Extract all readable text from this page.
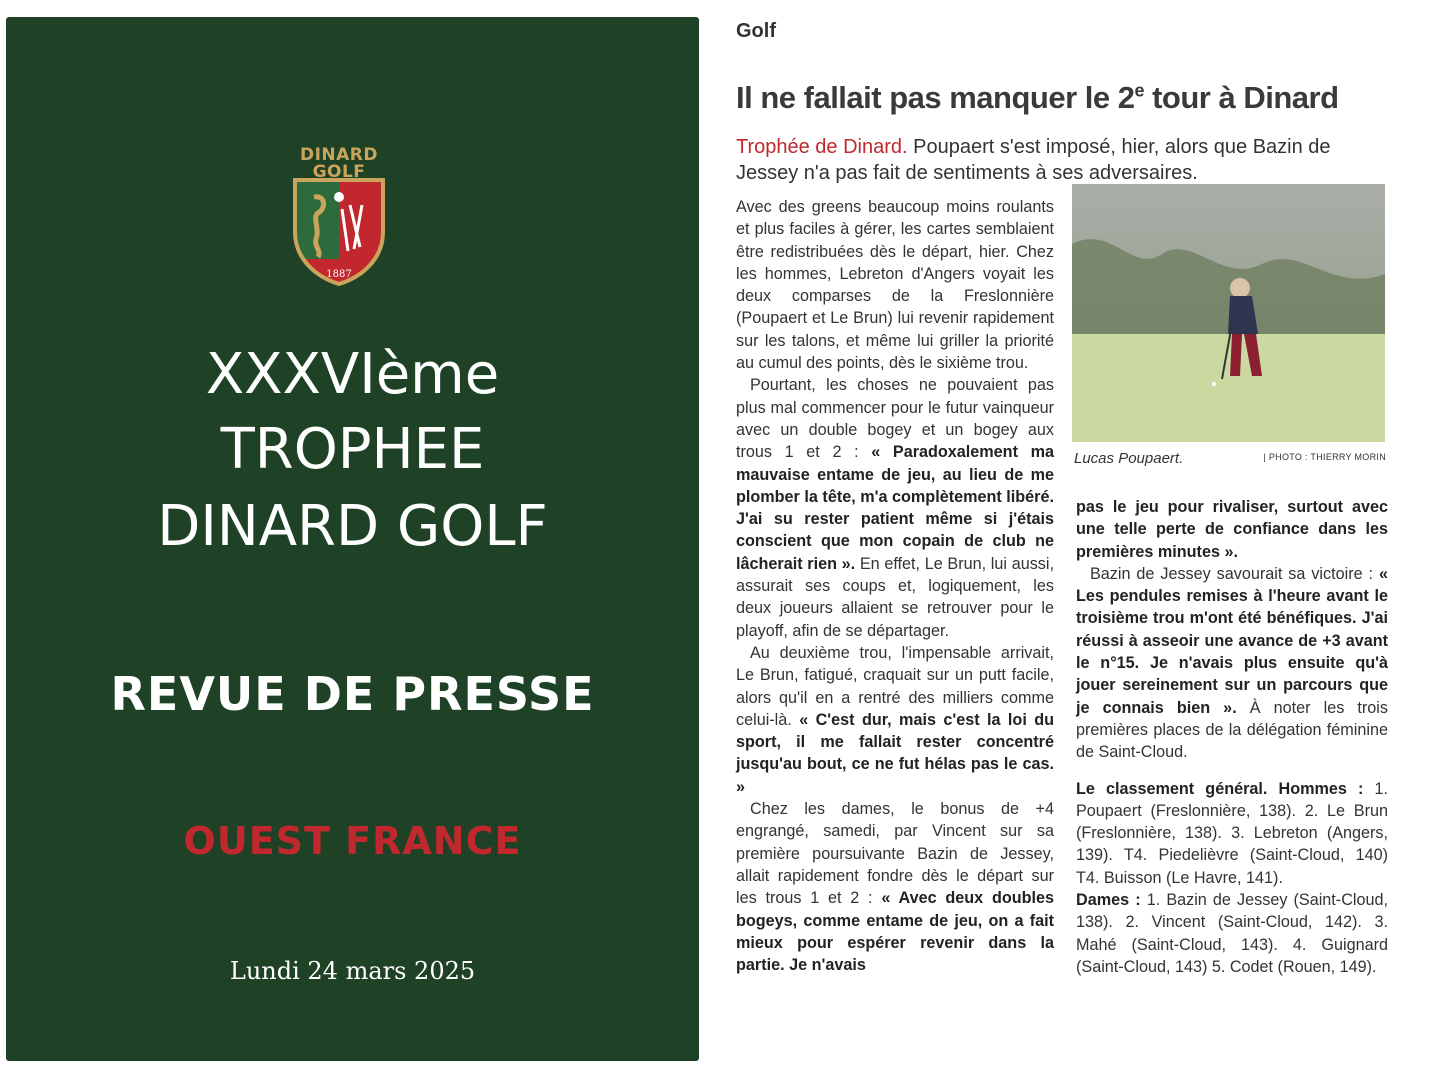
DINARD
GOLF
1887
XXXVIème
TROPHEE
DINARD GOLF
REVUE DE PRESSE
OUEST FRANCE
Lundi 24 mars 2025
Golf
Il ne fallait pas manquer le 2e tour à Dinard
Trophée de Dinard. Poupaert s'est imposé, hier, alors que Bazin de Jessey n'a pas fait de sentiments à ses adversaires.

Avec des greens beaucoup moins roulants et plus faciles à gérer, les cartes semblaient être redistribuées dès le départ, hier. Chez les hommes, Lebreton d'Angers voyait les deux comparses de la Freslonnière (Poupaert et Le Brun) lui revenir rapidement sur les talons, et même lui griller la priorité au cumul des points, dès le sixième trou.

Pourtant, les choses ne pouvaient pas plus mal commencer pour le futur vainqueur avec un double bogey et un bogey aux trous 1 et 2 : « Paradoxalement ma mauvaise entame de jeu, au lieu de me plomber la tête, m'a complètement libéré. J'ai su rester patient même si j'étais conscient que mon copain de club ne lâcherait rien ». En effet, Le Brun, lui aussi, assurait ses coups et, logiquement, les deux joueurs allaient se retrouver pour le playoff, afin de se départager.

Au deuxième trou, l'impensable arrivait, Le Brun, fatigué, craquait sur un putt facile, alors qu'il en a rentré des milliers comme celui-là. « C'est dur, mais c'est la loi du sport, il me fallait rester concentré jusqu'au bout, ce ne fut hélas pas le cas. »

Chez les dames, le bonus de +4 engrangé, samedi, par Vincent sur sa première poursuivante Bazin de Jessey, allait rapidement fondre dès le départ sur les trous 1 et 2 : « Avec deux doubles bogeys, comme entame de jeu, on a fait mieux pour espérer revenir dans la partie. Je n'avais

Lucas Poupaert.	| PHOTO : THIERRY MORIN

pas le jeu pour rivaliser, surtout avec une telle perte de confiance dans les premières minutes ».

Bazin de Jessey savourait sa victoire : « Les pendules remises à l'heure avant le troisième trou m'ont été bénéfiques. J'ai réussi à asseoir une avance de +3 avant le n°15. Je n'avais plus ensuite qu'à jouer sereinement sur un parcours que je connais bien ». À noter les trois premières places de la délégation féminine de Saint-Cloud.

Le classement général. Hommes : 1. Poupaert (Freslonnière, 138). 2. Le Brun (Freslonnière, 138). 3. Lebreton (Angers, 139). T4. Piedelièvre (Saint-Cloud, 140) T4. Buisson (Le Havre, 141).

Dames : 1. Bazin de Jessey (Saint-Cloud, 138). 2. Vincent (Saint-Cloud, 142). 3. Mahé (Saint-Cloud, 143). 4. Guignard (Saint-Cloud, 143) 5. Codet (Rouen, 149).
